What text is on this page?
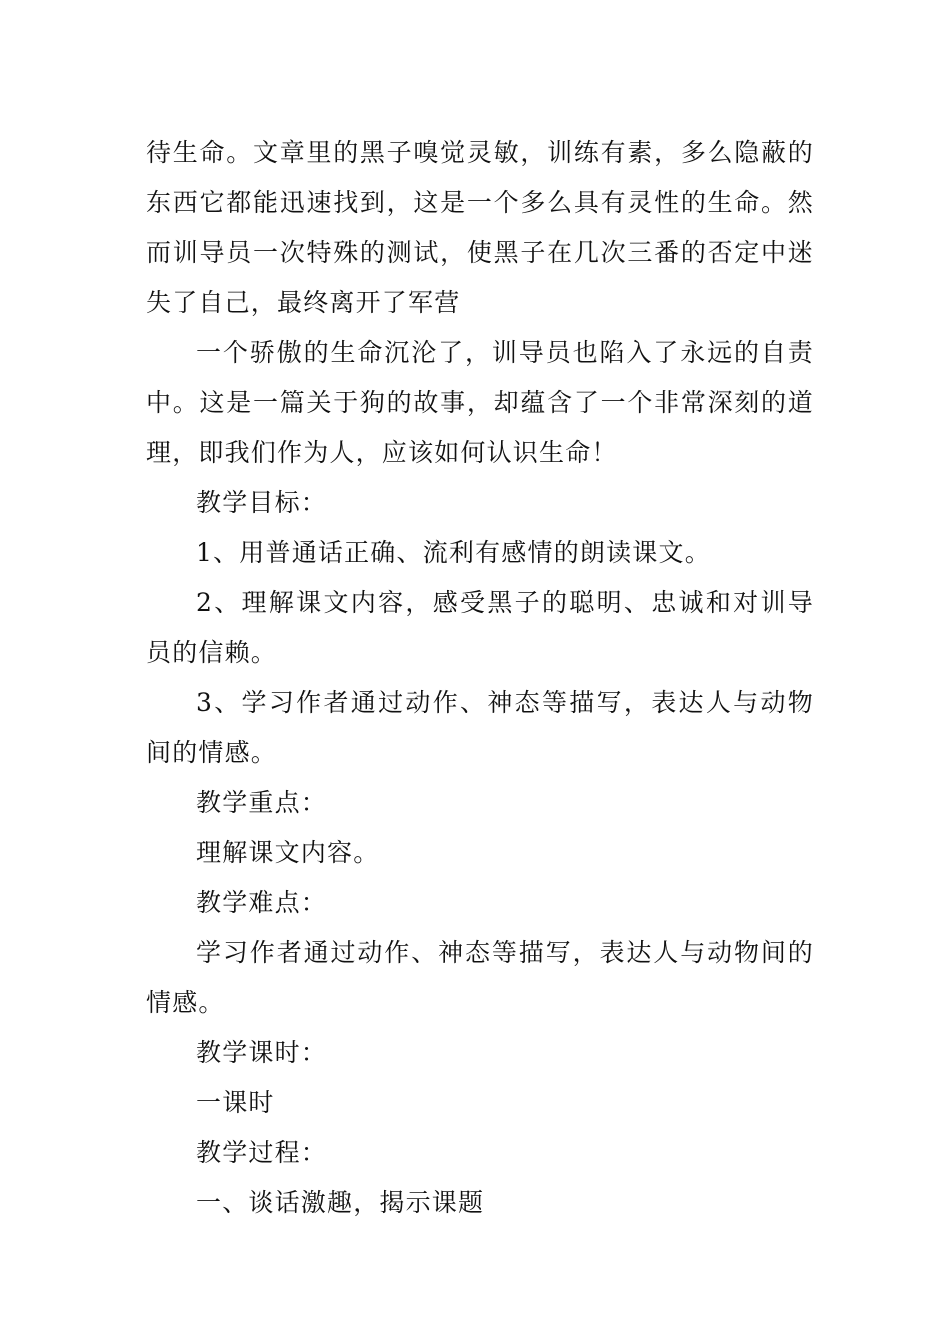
待生命。文章里的黑子嗅觉灵敏，训练有素，多么隐蔽的东西它都能迅速找到，这是一个多么具有灵性的生命。然而训导员一次特殊的测试，使黑子在几次三番的否定中迷失了自己，最终离开了军营

一个骄傲的生命沉沦了，训导员也陷入了永远的自责中。这是一篇关于狗的故事，却蕴含了一个非常深刻的道理，即我们作为人，应该如何认识生命！

教学目标：

1、用普通话正确、流利有感情的朗读课文。

2、理解课文内容，感受黑子的聪明、忠诚和对训导员的信赖。

3、学习作者通过动作、神态等描写，表达人与动物间的情感。

教学重点：

理解课文内容。

教学难点：

学习作者通过动作、神态等描写，表达人与动物间的情感。

教学课时：

一课时

教学过程：

一、谈话激趣，揭示课题
